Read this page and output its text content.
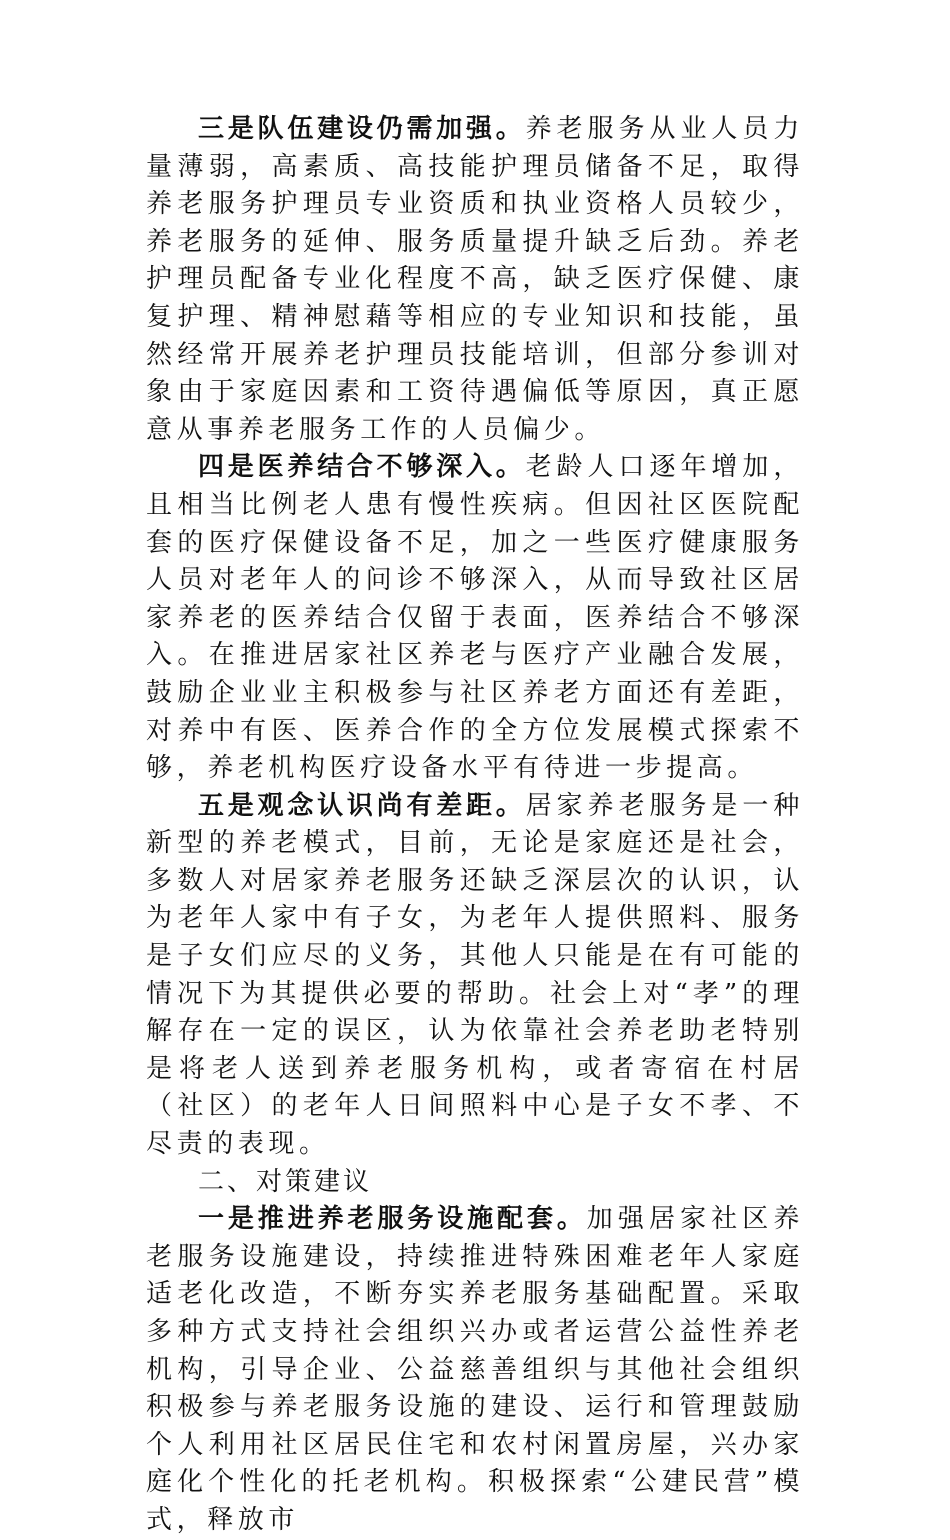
三是队伍建设仍需加强。养老服务从业人员力量薄弱，高素质、高技能护理员储备不足，取得养老服务护理员专业资质和执业资格人员较少，养老服务的延伸、服务质量提升缺乏后劲。养老护理员配备专业化程度不高，缺乏医疗保健、康复护理、精神慰藉等相应的专业知识和技能，虽然经常开展养老护理员技能培训，但部分参训对象由于家庭因素和工资待遇偏低等原因，真正愿意从事养老服务工作的人员偏少。

四是医养结合不够深入。老龄人口逐年增加，且相当比例老人患有慢性疾病。但因社区医院配套的医疗保健设备不足，加之一些医疗健康服务人员对老年人的问诊不够深入，从而导致社区居家养老的医养结合仅留于表面，医养结合不够深入。在推进居家社区养老与医疗产业融合发展，鼓励企业业主积极参与社区养老方面还有差距，对养中有医、医养合作的全方位发展模式探索不够，养老机构医疗设备水平有待进一步提高。

五是观念认识尚有差距。居家养老服务是一种新型的养老模式，目前，无论是家庭还是社会，多数人对居家养老服务还缺乏深层次的认识，认为老年人家中有子女，为老年人提供照料、服务是子女们应尽的义务，其他人只能是在有可能的情况下为其提供必要的帮助。社会上对“孝”的理解存在一定的误区，认为依靠社会养老助老特别是将老人送到养老服务机构，或者寄宿在村居（社区）的老年人日间照料中心是子女不孝、不尽责的表现。

二、对策建议

一是推进养老服务设施配套。加强居家社区养老服务设施建设，持续推进特殊困难老年人家庭适老化改造，不断夯实养老服务基础配置。采取多种方式支持社会组织兴办或者运营公益性养老机构，引导企业、公益慈善组织与其他社会组织积极参与养老服务设施的建设、运行和管理鼓励个人利用社区居民住宅和农村闲置房屋，兴办家庭化个性化的托老机构。积极探索“公建民营”模式，释放市
